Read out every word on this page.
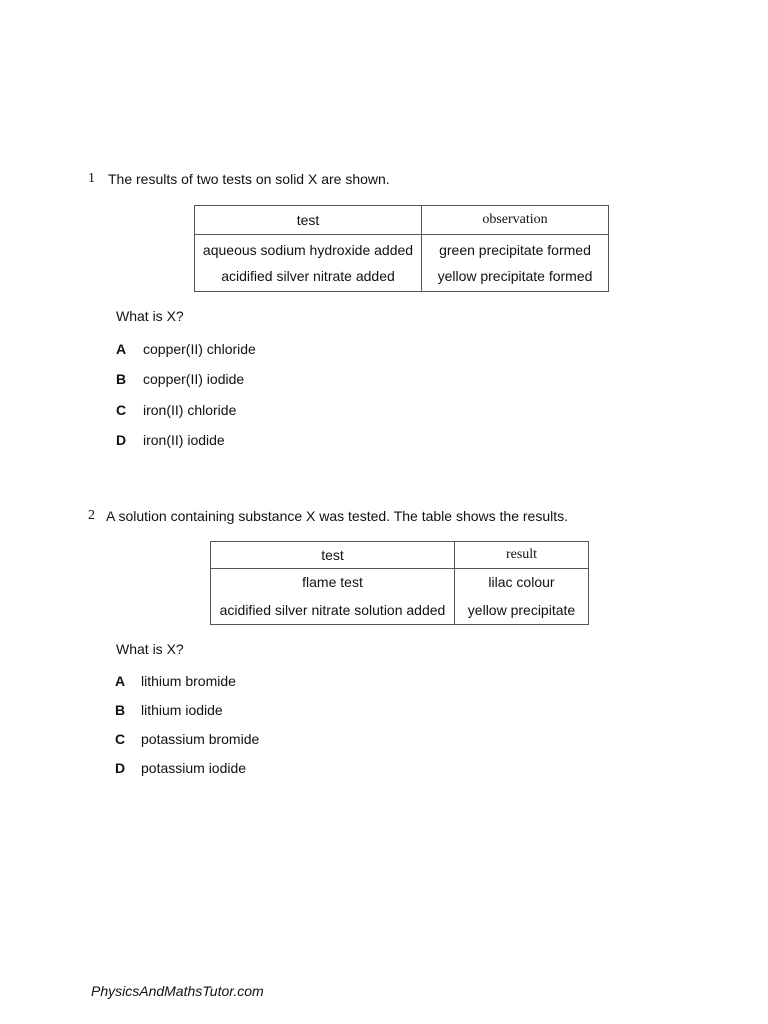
1 The results of two tests on solid X are shown.
test	observation
aqueous sodium hydroxide added	green precipitate formed
acidified silver nitrate added	yellow precipitate formed
What is X?
A copper(II) chloride
B copper(II) iodide
C iron(II) chloride
D iron(II) iodide
2 A solution containing substance X was tested. The table shows the results.
test	result
flame test	lilac colour
acidified silver nitrate solution added	yellow precipitate
What is X?
A lithium bromide
B lithium iodide
C potassium bromide
D potassium iodide
PhysicsAndMathsTutor.com
